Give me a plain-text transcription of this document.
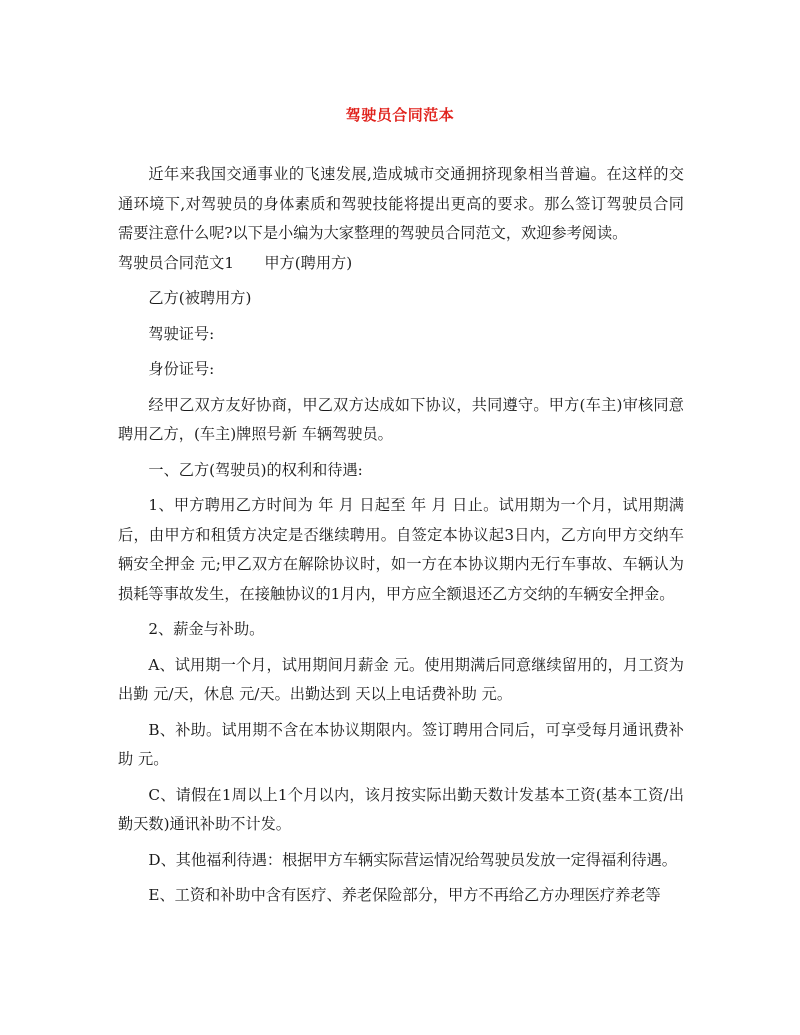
驾驶员合同范本

近年来我国交通事业的飞速发展,造成城市交通拥挤现象相当普遍。在这样的交通环境下,对驾驶员的身体素质和驾驶技能将提出更高的要求。那么签订驾驶员合同需要注意什么呢?以下是小编为大家整理的驾驶员合同范文，欢迎参考阅读。

驾驶员合同范文1　　甲方(聘用方)

乙方(被聘用方)

驾驶证号:

身份证号:

经甲乙双方友好协商，甲乙双方达成如下协议，共同遵守。甲方(车主)审核同意聘用乙方，(车主)牌照号新 车辆驾驶员。

一、乙方(驾驶员)的权利和待遇:

1、甲方聘用乙方时间为 年 月 日起至 年 月 日止。试用期为一个月，试用期满后，由甲方和租赁方决定是否继续聘用。自签定本协议起3日内，乙方向甲方交纳车辆安全押金 元;甲乙双方在解除协议时，如一方在本协议期内无行车事故、车辆认为损耗等事故发生，在接触协议的1月内，甲方应全额退还乙方交纳的车辆安全押金。

2、薪金与补助。

A、试用期一个月，试用期间月薪金 元。使用期满后同意继续留用的，月工资为出勤 元/天，休息 元/天。出勤达到 天以上电话费补助 元。

B、补助。试用期不含在本协议期限内。签订聘用合同后，可享受每月通讯费补助 元。

C、请假在1周以上1个月以内，该月按实际出勤天数计发基本工资(基本工资/出勤天数)通讯补助不计发。

D、其他福利待遇：根据甲方车辆实际营运情况给驾驶员发放一定得福利待遇。

E、工资和补助中含有医疗、养老保险部分，甲方不再给乙方办理医疗养老等
